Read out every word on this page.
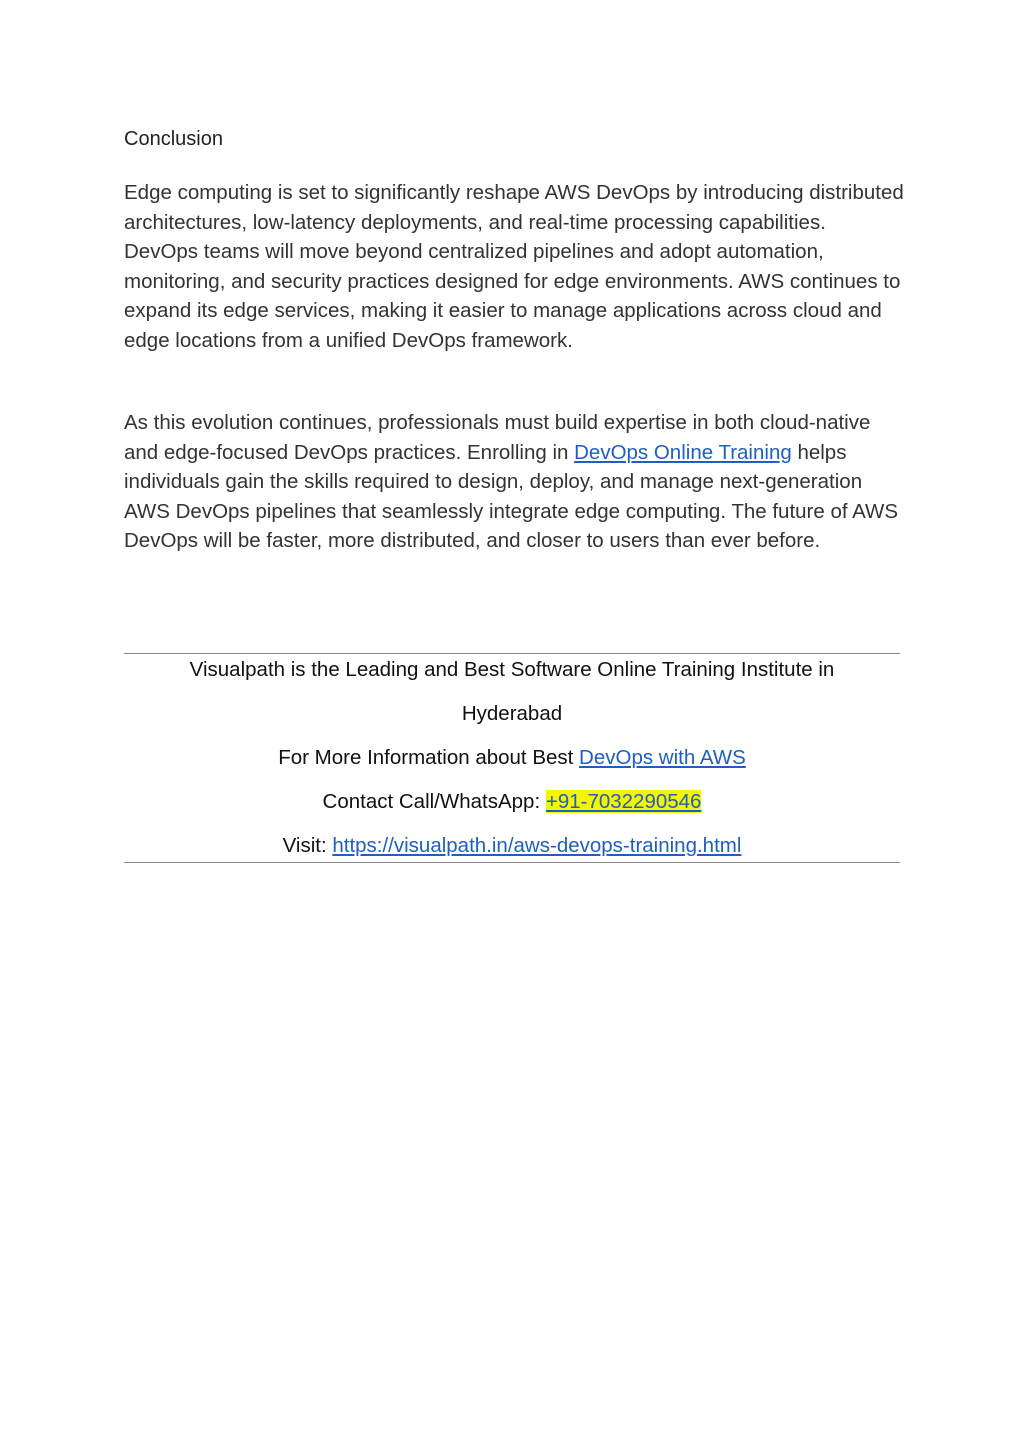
Conclusion

Edge computing is set to significantly reshape AWS DevOps by introducing distributed architectures, low-latency deployments, and real-time processing capabilities. DevOps teams will move beyond centralized pipelines and adopt automation, monitoring, and security practices designed for edge environments. AWS continues to expand its edge services, making it easier to manage applications across cloud and edge locations from a unified DevOps framework.

As this evolution continues, professionals must build expertise in both cloud-native and edge-focused DevOps practices. Enrolling in DevOps Online Training helps individuals gain the skills required to design, deploy, and manage next-generation AWS DevOps pipelines that seamlessly integrate edge computing. The future of AWS DevOps will be faster, more distributed, and closer to users than ever before.

Visualpath is the Leading and Best Software Online Training Institute in
Hyderabad
For More Information about Best DevOps with AWS
Contact Call/WhatsApp: +91-7032290546
Visit: https://visualpath.in/aws-devops-training.html
